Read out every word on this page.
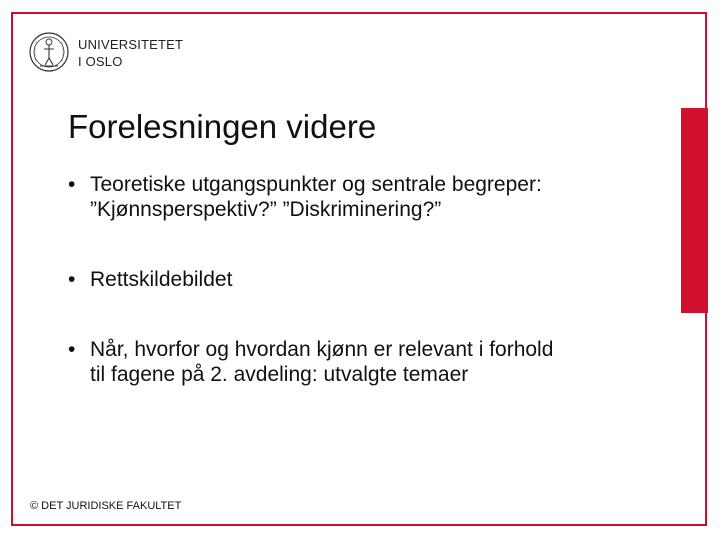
UNIVERSITETET
I OSLO
Forelesningen videre
• Teoretiske utgangspunkter og sentrale begreper: ”Kjønnsperspektiv?” ”Diskriminering?”
• Rettskildebildet
• Når, hvorfor og hvordan kjønn er relevant i forhold til fagene på 2. avdeling: utvalgte temaer
© DET JURIDISKE FAKULTET
